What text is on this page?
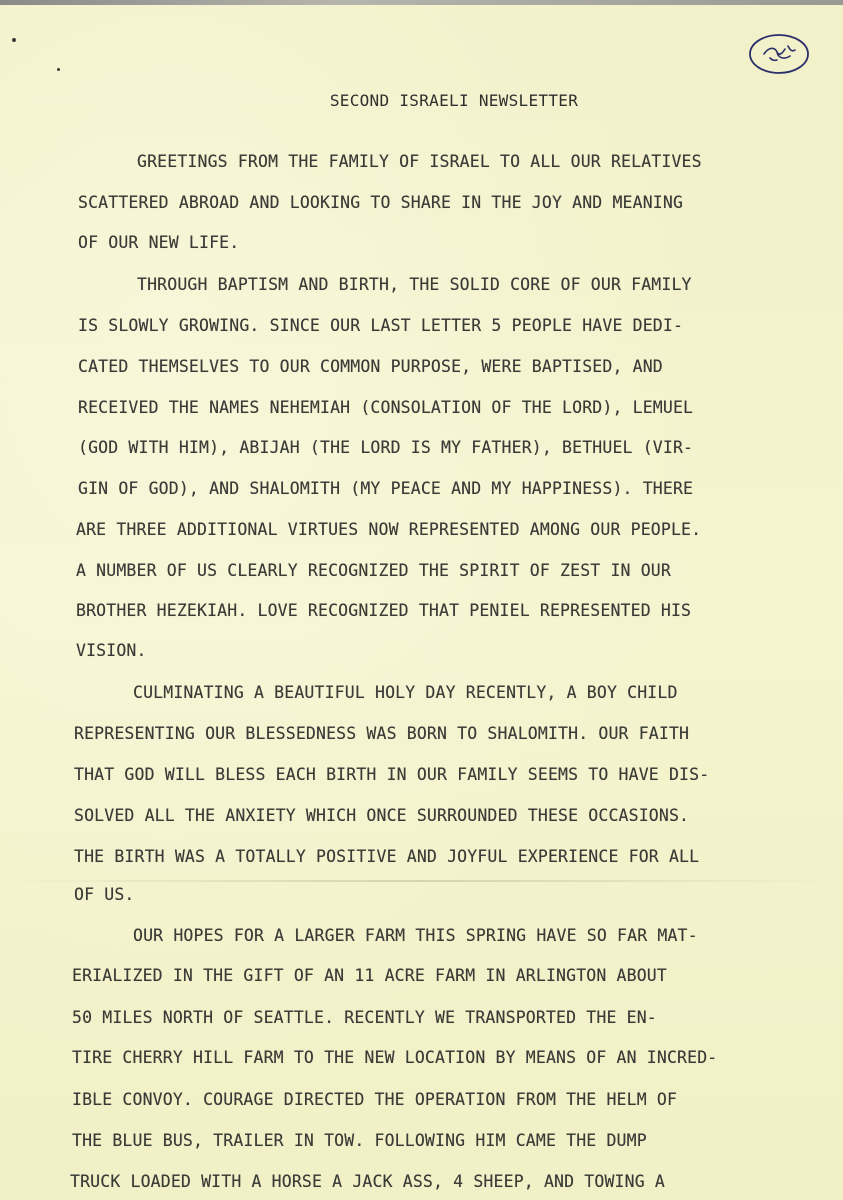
SECOND ISRAELI NEWSLETTER
GREETINGS FROM THE FAMILY OF ISRAEL TO ALL OUR RELATIVES
SCATTERED ABROAD AND LOOKING TO SHARE IN THE JOY AND MEANING
OF OUR NEW LIFE.
THROUGH BAPTISM AND BIRTH, THE SOLID CORE OF OUR FAMILY
IS SLOWLY GROWING. SINCE OUR LAST LETTER 5 PEOPLE HAVE DEDI-
CATED THEMSELVES TO OUR COMMON PURPOSE, WERE BAPTISED, AND
RECEIVED THE NAMES NEHEMIAH (CONSOLATION OF THE LORD), LEMUEL
(GOD WITH HIM), ABIJAH (THE LORD IS MY FATHER), BETHUEL (VIR-
GIN OF GOD), AND SHALOMITH (MY PEACE AND MY HAPPINESS). THERE
ARE THREE ADDITIONAL VIRTUES NOW REPRESENTED AMONG OUR PEOPLE.
A NUMBER OF US CLEARLY RECOGNIZED THE SPIRIT OF ZEST IN OUR
BROTHER HEZEKIAH. LOVE RECOGNIZED THAT PENIEL REPRESENTED HIS
VISION.
CULMINATING A BEAUTIFUL HOLY DAY RECENTLY, A BOY CHILD
REPRESENTING OUR BLESSEDNESS WAS BORN TO SHALOMITH. OUR FAITH
THAT GOD WILL BLESS EACH BIRTH IN OUR FAMILY SEEMS TO HAVE DIS-
SOLVED ALL THE ANXIETY WHICH ONCE SURROUNDED THESE OCCASIONS.
THE BIRTH WAS A TOTALLY POSITIVE AND JOYFUL EXPERIENCE FOR ALL
OF US.
OUR HOPES FOR A LARGER FARM THIS SPRING HAVE SO FAR MAT-
ERIALIZED IN THE GIFT OF AN 11 ACRE FARM IN ARLINGTON ABOUT
50 MILES NORTH OF SEATTLE. RECENTLY WE TRANSPORTED THE EN-
TIRE CHERRY HILL FARM TO THE NEW LOCATION BY MEANS OF AN INCRED-
IBLE CONVOY. COURAGE DIRECTED THE OPERATION FROM THE HELM OF
THE BLUE BUS, TRAILER IN TOW. FOLLOWING HIM CAME THE DUMP
TRUCK LOADED WITH A HORSE A JACK ASS, 4 SHEEP, AND TOWING A
